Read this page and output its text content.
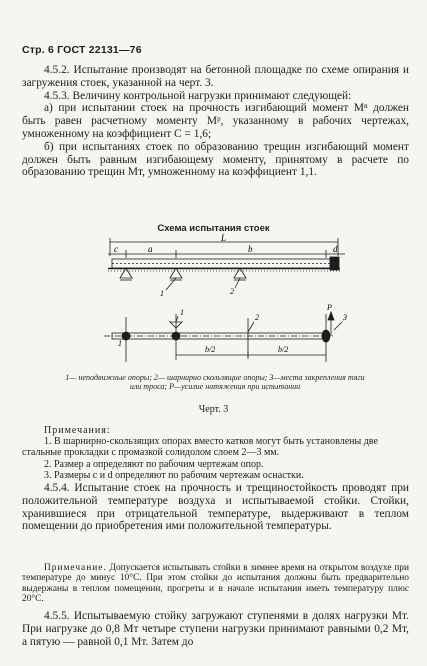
Стр. 6 ГОСТ 22131—76

4.5.2. Испытание производят на бетонной площадке по схеме опирания и загружения стоек, указанной на черт. 3.

4.5.3. Величину контрольной нагрузки принимают следующей:

а) при испытании стоек на прочность изгибающий момент Mⁿ должен быть равен расчетному моменту Mᵖ, указанному в рабочих чертежах, умноженному на коэффициент C = 1,6;

б) при испытаниях стоек по образованию трещин изгибающий момент должен быть равным изгибающему моменту, принятому в расчете по образованию трещин Mт, умноженному на коэффициент 1,1.

Схема испытания стоек
L
c	a	b	d
1	2
1
2	3
P
1
b/2	b/2
1— неподвижные опоры; 2— шарнирно скользящие опоры; 3—места закрепления тяги или троса; P—усилие натяжения при испытании
Черт. 3
Примечания:

1. В шарнирно-скользящих опорах вместо катков могут быть установлены две стальные прокладки с промазкой солидолом слоем 2—3 мм.

2. Размер a определяют по рабочим чертежам опор.

3. Размеры c и d определяют по рабочим чертежам оснастки.

4.5.4. Испытание стоек на прочность и трещиностойкость проводят при положительной температуре воздуха и испытываемой стойки. Стойки, хранившиеся при отрицательной температуре, выдерживают в теплом помещении до приобретения ими положительной температуры.

Примечание. Допускается испытывать стойки в зимнее время на открытом воздухе при температуре до минус 10°C. При этом стойки до испытания должны быть предварительно выдержаны в теплом помещении, прогреты и в начале испытания иметь температуру плюс 20°C.

4.5.5. Испытываемую стойку загружают ступенями в долях нагрузки Mт. При нагрузке до 0,8 Mт четыре ступени нагрузки принимают равными 0,2 Mт, а пятую — равной 0,1 Mт. Затем до
